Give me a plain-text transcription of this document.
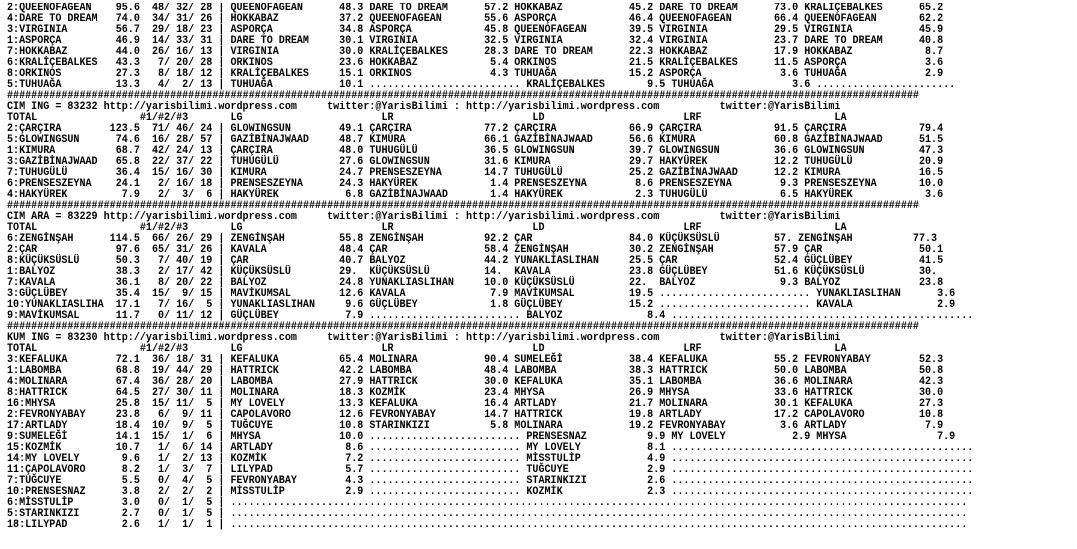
2:QUEENOFAGEAN    95.6  48/ 32/ 28 | QUEENOFAGEAN      48.3 DARE TO DREAM      57.2 HOKKABAZ           45.2 DARE TO DREAM      73.0 KRALİÇEBALKES      65.2
4:DARE TO DREAM   74.0  34/ 31/ 26 | HOKKABAZ          37.2 QUEENOFAGEAN       55.6 ASPORÇA            46.4 QUEENOFAGEAN       66.4 QUEENOFAGEAN       62.2
3:VIRGINIA        56.7  29/ 18/ 23 | ASPORÇA           34.8 ASPORÇA            45.8 QUEENOFAGEAN       39.5 VIRGINIA           29.5 VIRGINIA           45.9
1:ASPORÇA         46.9  14/ 33/ 31 | DARE TO DREAM     30.1 VIRGINIA           32.5 VIRGINIA           32.4 VIRGINIA           23.7 DARE TO DREAM      40.8
7:HOKKABAZ        44.0  26/ 16/ 13 | VIRGINIA          30.0 KRALİÇEBALKES      28.3 DARE TO DREAM      22.3 HOKKABAZ           17.9 HOKKABAZ            8.7
6:KRALİÇEBALKES   43.3   7/ 20/ 28 | ORKINOS           23.6 HOKKABAZ            5.4 ORKINOS            21.5 KRALİÇEBALKES      11.5 ASPORÇA             3.6
8:ORKINOS         27.3   8/ 18/ 12 | KRALİÇEBALKES     15.1 ORKINOS             4.3 TUHUAĞA            15.2 ASPORÇA             3.6 TUHUAĞA             2.9
5:TUHUAĞA         13.3   4/  2/ 13 | TUHUAĞA           10.1 ......................... KRALİÇEBALKES       9.5 TUHUAĞA             3.6 .......................
#######################################################################################################################################################
CIM ING = 83232 http://yarisbilimi.wordpress.com     twitter:@YarisBilimi : http://yarisbilimi.wordpress.com          twitter:@YarisBilimi
TOTAL                 #1/#2/#3       LG                       LR                       LD                       LRF                      LA
2:ÇARÇIRA        123.5  71/ 46/ 24 | GLOWINGSUN        49.1 ÇARÇIRA            77.2 ÇARÇIRA            66.9 ÇARÇIRA            91.5 ÇARÇIRA            79.4
5:GLOWINGSUN      74.6  16/ 28/ 57 | GAZİBİNAJWAAD     48.7 KIMURA             66.1 GAZİBİNAJWAAD      56.6 KIMURA             60.8 GAZİBİNAJWAAD      51.5
1:KIMURA          68.7  42/ 24/ 13 | ÇARÇIRA           48.0 TUHUGÜLÜ           36.5 GLOWINGSUN         39.7 GLOWINGSUN         36.6 GLOWINGSUN         47.3
3:GAZİBİNAJWAAD   65.8  22/ 37/ 22 | TUHUGÜLÜ          27.6 GLOWINGSUN         31.6 KIMURA             29.7 HAKYÜREK           12.2 TUHUGÜLÜ           20.9
7:TUHUGÜLÜ        36.4  15/ 16/ 30 | KIMURA            24.7 PRENSESZEYNA       14.7 TUHUGÜLÜ           25.2 GAZİBİNAJWAAD      12.2 KIMURA             16.5
6:PRENSESZEYNA    24.1   2/ 16/ 18 | PRENSESZEYNA      24.3 HAKYÜREK            1.4 PRENSESZEYNA        8.6 PRENSESZEYNA        9.3 PRENSESZEYNA       10.0
4:HAKYÜREK         7.9   2/  3/  6 | HAKYÜREK           6.8 GAZİBİNAJWAAD       1.4 HAKYÜREK            2.3 TUHUGÜLÜ            6.5 HAKYÜREK            3.6
#######################################################################################################################################################
CIM ARA = 83229 http://yarisbilimi.wordpress.com     twitter:@YarisBilimi : http://yarisbilimi.wordpress.com          twitter:@YarisBilimi
TOTAL                 #1/#2/#3       LG                       LR                       LD                       LRF                      LA
6:ZENGİNŞAH      114.5  66/ 26/ 29 | ZENGİNŞAH         55.8 ZENGİNŞAH          92.2 ÇAR                84.0 KÜÇÜKSÜSLÜ         57. ZENGİNŞAH          77.3
2:ÇAR             97.6  65/ 31/ 26 | KAVALA            48.4 ÇAR                58.4 ZENGİNŞAH          30.2 ZENGİNŞAH          57.9 ÇAR                50.1
8:KÜÇÜKSÜSLÜ      50.3   7/ 40/ 19 | ÇAR               40.7 BALYOZ             44.2 YUNAKLIASLIHAN     25.5 ÇAR                52.4 GÜÇLÜBEY           41.5
1:BALYOZ          38.3   2/ 17/ 42 | KÜÇÜKSÜSLÜ        29.  KÜÇÜKSÜSLÜ         14.  KAVALA             23.8 GÜÇLÜBEY           51.6 KÜÇÜKSÜSLÜ         30.
7:KAVALA          36.1   8/ 20/ 22 | BALYOZ            24.8 YUNAKLIASLIHAN     10.0 KÜÇÜKSÜSLÜ         22.  BALYOZ              9.3 BALYOZ             23.8
3:GÜÇLÜBEY        35.4  15/  9/ 15 | MAVİKUMSAL        12.6 KAVALA              7.9 MAVİKUMSAL         19.5 ......................... YUNAKLIASLIHAN      3.6
10:YUNAKLIASLIHA  17.1   7/ 16/  5 | YUNAKLIASLIHAN     9.6 GÜÇLÜBEY            1.8 GÜÇLÜBEY           15.2 ......................... KAVALA              2.9
9:MAVİKUMSAL      11.7   0/ 11/ 12 | GÜÇLÜBEY           7.9 ......................... BALYOZ              8.4 ..................................................
#######################################################################################################################################################
KUM ING = 83230 http://yarisbilimi.wordpress.com     twitter:@YarisBilimi : http://yarisbilimi.wordpress.com          twitter:@YarisBilimi
TOTAL                 #1/#2/#3       LG                       LR                       LD                       LRF                      LA
3:KEFALUKA        72.1  36/ 18/ 31 | KEFALUKA          65.4 MOLINARA           90.4 SUMELEĞİ           38.4 KEFALUKA           55.2 FEVRONYABAY        52.3
1:LABOMBA         68.8  19/ 44/ 29 | HATTRICK          42.2 LABOMBA            48.4 LABOMBA            38.3 HATTRICK           50.0 LABOMBA            50.8
4:MOLINARA        67.4  36/ 28/ 20 | LABOMBA           27.9 HATTRICK           30.0 KEFALUKA           35.1 LABOMBA            36.6 MOLINARA           42.3
8:HATTRICK        64.5  27/ 30/ 11 | MOLINARA          18.3 KOZMİK             23.4 MHYSA              26.9 MHYSA              33.6 HATTRICK           30.0
16:MHYSA          25.8  15/ 11/  5 | MY LOVELY         13.3 KEFALUKA           16.4 ARTLADY            21.7 MOLINARA           30.1 KEFALUKA           27.3
2:FEVRONYABAY     23.8   6/  9/ 11 | CAPOLAVORO        12.6 FEVRONYABAY        14.7 HATTRICK           19.8 ARTLADY            17.2 CAPOLAVORO         10.8
17:ARTLADY        18.4  10/  9/  5 | TUĞCUYE           10.8 STARINKIZI          5.8 MOLINARA           19.2 FEVRONYABAY         3.6 ARTLADY             7.9
9:SUMELEĞİ        14.1  15/  1/  6 | MHYSA             10.0 ......................... PRENSESNAZ          9.9 MY LOVELY           2.9 MHYSA               7.9
15:KOZMİK         10.7   1/  6/ 14 | ARTLADY            8.6 ......................... MY LOVELY           8.1 ..................................................
14:MY LOVELY       9.6   1/  2/ 13 | KOZMİK             7.2 ......................... MİSSTULİP           4.9 ..................................................
11:ÇAPOLAVORO      8.2   1/  3/  7 | LILYPAD            5.7 ......................... TUĞCUYE             2.9 ..................................................
7:TUĞCUYE          5.5   0/  4/  5 | FEVRONYABAY        4.3 ......................... STARINKIZI          2.6 ..................................................
10:PRENSESNAZ      3.8   2/  2/  2 | MİSSTULİP          2.9 ......................... KOZMİK              2.3 ..................................................
6:MİSSTULİP        3.0   0/  1/  5 | ..........................................................................................................................
5:STARINKIZI       2.7   0/  1/  5 | ..........................................................................................................................
18:LILYPAD         2.6   1/  1/  1 | ..........................................................................................................................
